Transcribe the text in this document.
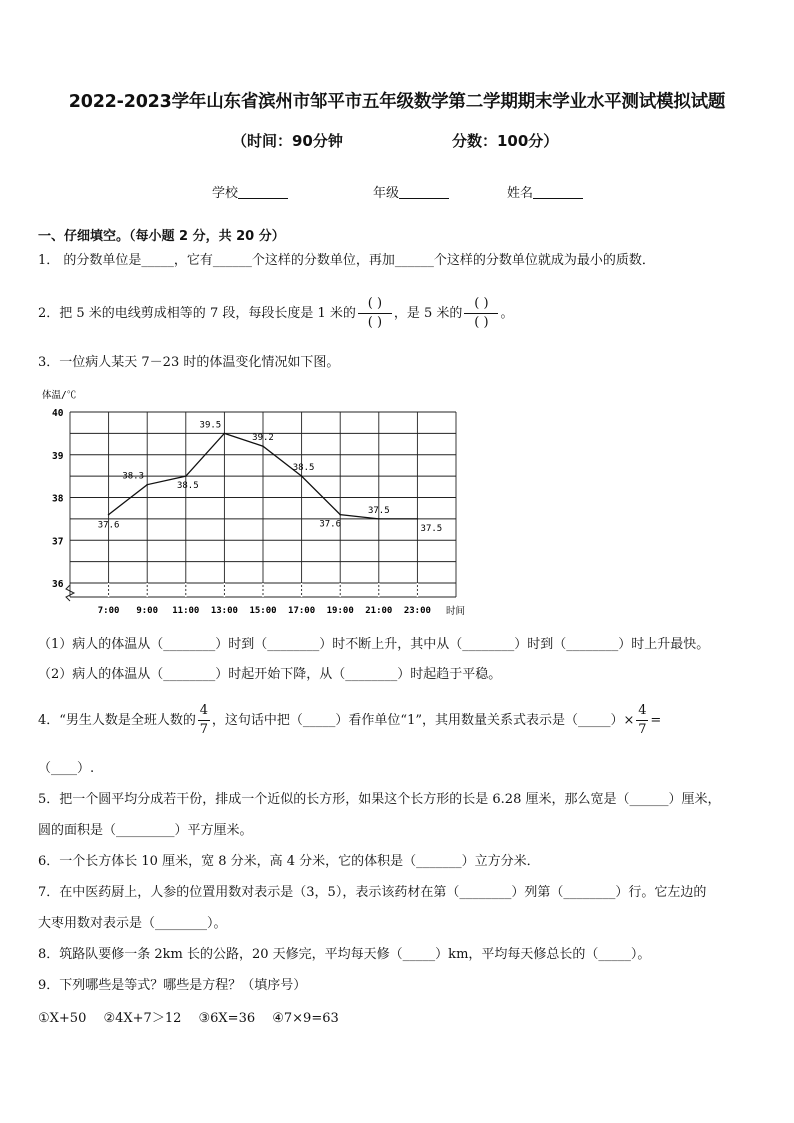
2022-2023学年山东省滨州市邹平市五年级数学第二学期期末学业水平测试模拟试题
（时间：90分钟	分数：100分）
学校	年级	姓名
一、仔细填空。（每小题 2 分，共 20 分）
1． 的分数单位是_____，它有______个这样的分数单位，再加______个这样的分数单位就成为最小的质数．
2．把 5 米的电线剪成相等的 7 段，每段长度是 1 米的 $\frac{( )}{( )}$ ，是 5 米的 $\frac{( )}{( )}$ 。
3．一位病人某天 7－23 时的体温变化情况如下图。
36
37
38
39
40
7:00 9:00 11:00 13:00 15:00 17:00 19:00 21:00 23:00
37.6
38.3
38.5
39.5
39.2
38.5
37.6
37.5
37.5
体温/℃
时间
（1）病人的体温从（________）时到（________）时不断上升，其中从（________）时到（________）时上升最快。
（2）病人的体温从（________）时起开始下降，从（________）时起趋于平稳。
4．“男生人数是全班人数的 $\frac{4}{7}$ ，这句话中把（_____）看作单位“1”，其用数量关系式表示是（_____）× $\frac{4}{7}$ =
（____）.
5．把一个圆平均分成若干份，排成一个近似的长方形，如果这个长方形的长是 6.28 厘米，那么宽是（______）厘米，
圆的面积是（_________）平方厘米。
6．一个长方体长 10 厘米，宽 8 分米，高 4 分米，它的体积是（_______）立方分米．
7．在中医药厨上，人参的位置用数对表示是（3，5），表示该药材在第（________）列第（________）行。它左边的
大枣用数对表示是（________）。
8．筑路队要修一条 2km 长的公路，20 天修完，平均每天修（_____）km，平均每天修总长的（_____）。
9．下列哪些是等式？哪些是方程？（填序号）
①X+50　 ②4X+7＞12　 ③6X=36　 ④7×9=63
